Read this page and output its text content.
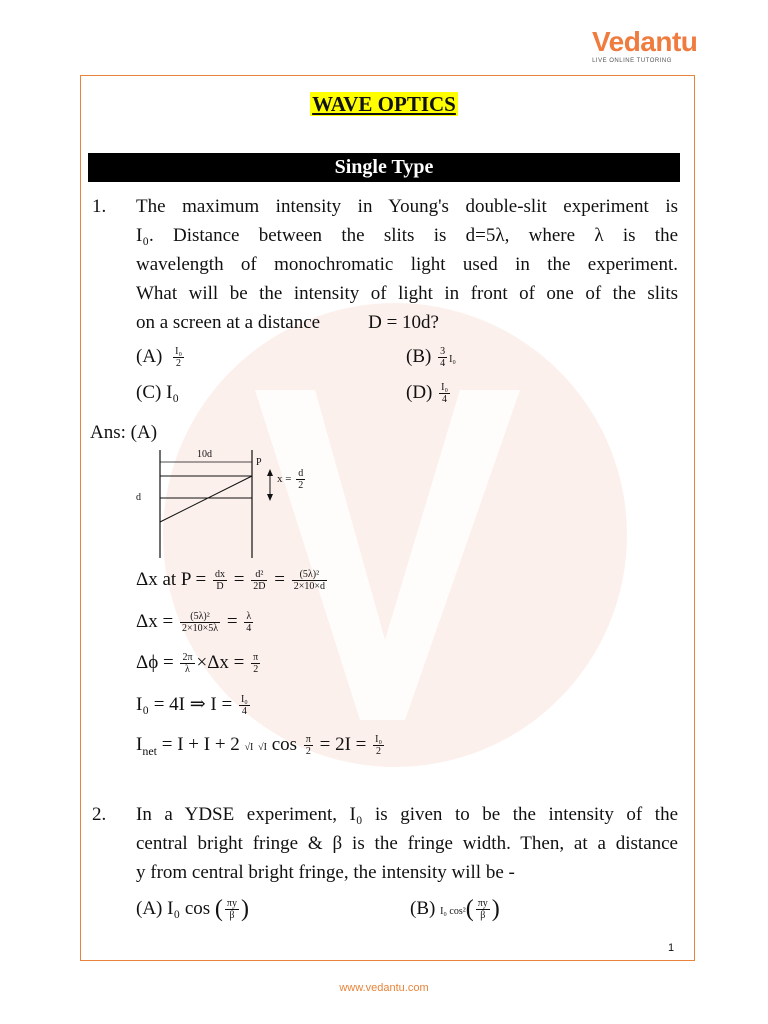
Vedantu
LIVE ONLINE TUTORING
WAVE OPTICS
Single Type
1. The maximum intensity in Young's double-slit experiment is
I₀. Distance between the slits is d=5λ, where λ is the
wavelength of monochromatic light used in the experiment.
What will be the intensity of light in front of one of the slits
on a screen at a distance	D = 10d?
$(A) \frac{\text{I₀}}{2}$	$(B) \frac{3}{4} I_0$
(C) I₀	$(D) \frac{\text{I₀}}{4}$
Ans: (A)
10d
P
d
$x = \frac{d}{2}$
Δx at $P = \frac{dx}{D} = \frac{\text{d²}}{2D} = \frac{\text{(5λ)²}}{2\times 10\times d}$
$\Delta x = \frac{\text{(5λ)²}}{2\times 10\times 5\lambda} = \frac{\lambda}{4}$
$\Delta\phi = \frac{2\pi}{\lambda} \times\Delta x = \frac{\pi}{2}$
I₀ = 4I ⇒ $I = \frac{\text{I₀}}{4}$
$I_{net} = I + I + 2$ √I √I $\cos \frac{\pi}{2} = 2I = \frac{\text{I₀}}{2}$
2. In a YDSE experiment, I₀ is given to be the intensity of the
central bright fringe & β is the fringe width. Then, at a distance
y from central bright fringe, the intensity will be -
(A) I₀ cos ( $\frac{\pi y}{\beta}$ )	(B) I₀ $\cos^2( \frac{\pi y}{\beta}$ )
1
www.vedantu.com
